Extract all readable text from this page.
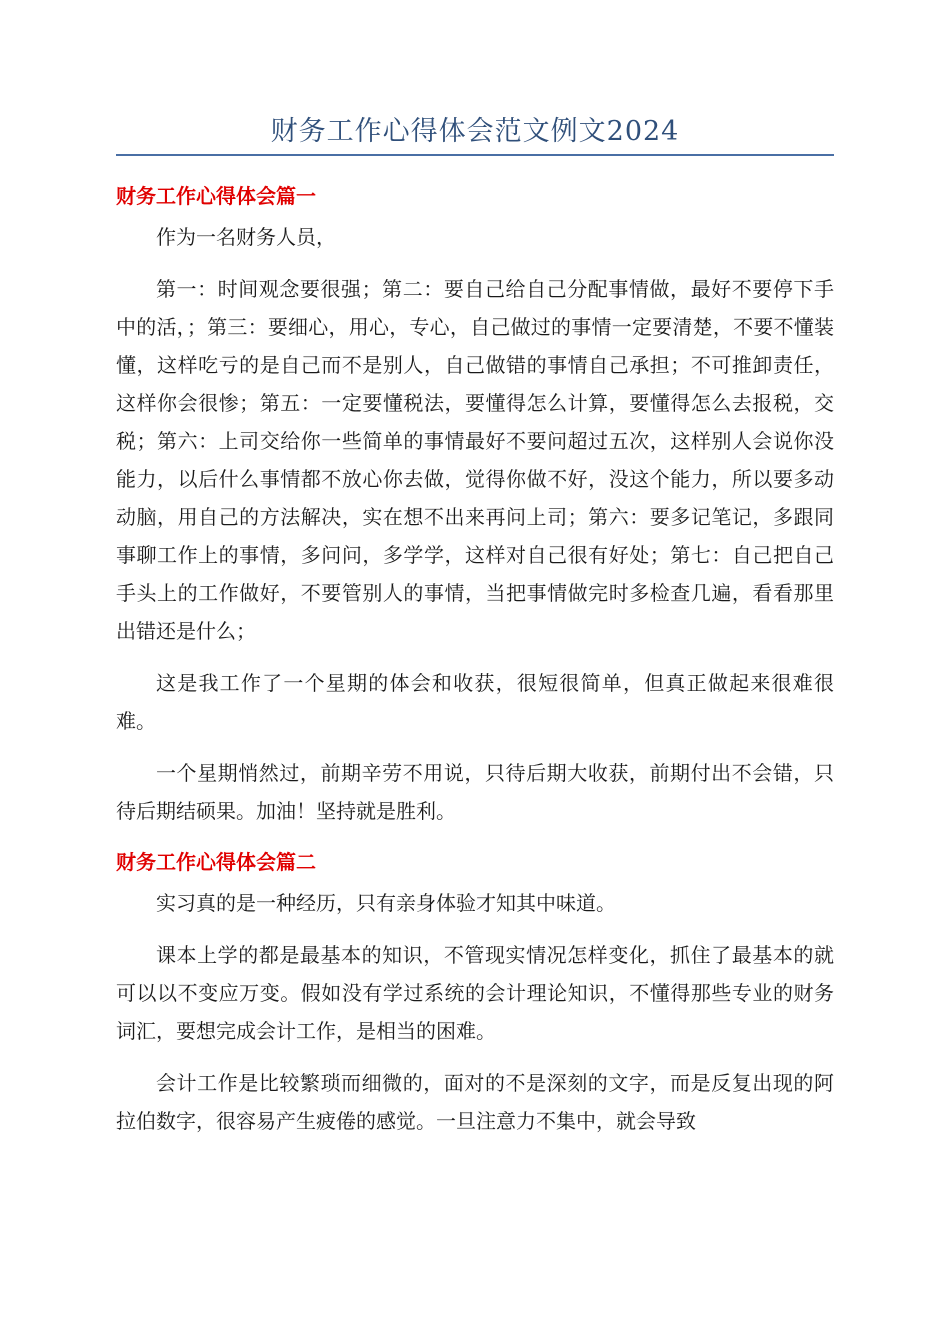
财务工作心得体会范文例文2024
财务工作心得体会篇一

作为一名财务人员，

第一：时间观念要很强；第二：要自己给自己分配事情做，最好不要停下手中的活，；第三：要细心，用心，专心，自己做过的事情一定要清楚，不要不懂装懂，这样吃亏的是自己而不是别人，自己做错的事情自己承担；不可推卸责任，这样你会很惨；第五：一定要懂税法，要懂得怎么计算，要懂得怎么去报税，交税；第六：上司交给你一些简单的事情最好不要问超过五次，这样别人会说你没能力，以后什么事情都不放心你去做，觉得你做不好，没这个能力，所以要多动动脑，用自己的方法解决，实在想不出来再问上司；第六：要多记笔记，多跟同事聊工作上的事情，多问问，多学学，这样对自己很有好处；第七：自己把自己手头上的工作做好，不要管别人的事情，当把事情做完时多检查几遍，看看那里出错还是什么；

这是我工作了一个星期的体会和收获，很短很简单，但真正做起来很难很难。

一个星期悄然过，前期辛劳不用说，只待后期大收获，前期付出不会错，只待后期结硕果。加油！坚持就是胜利。

财务工作心得体会篇二

实习真的是一种经历，只有亲身体验才知其中味道。

课本上学的都是最基本的知识，不管现实情况怎样变化，抓住了最基本的就可以以不变应万变。假如没有学过系统的会计理论知识，不懂得那些专业的财务词汇，要想完成会计工作，是相当的困难。

会计工作是比较繁琐而细微的，面对的不是深刻的文字，而是反复出现的阿拉伯数字，很容易产生疲倦的感觉。一旦注意力不集中，就会导致
